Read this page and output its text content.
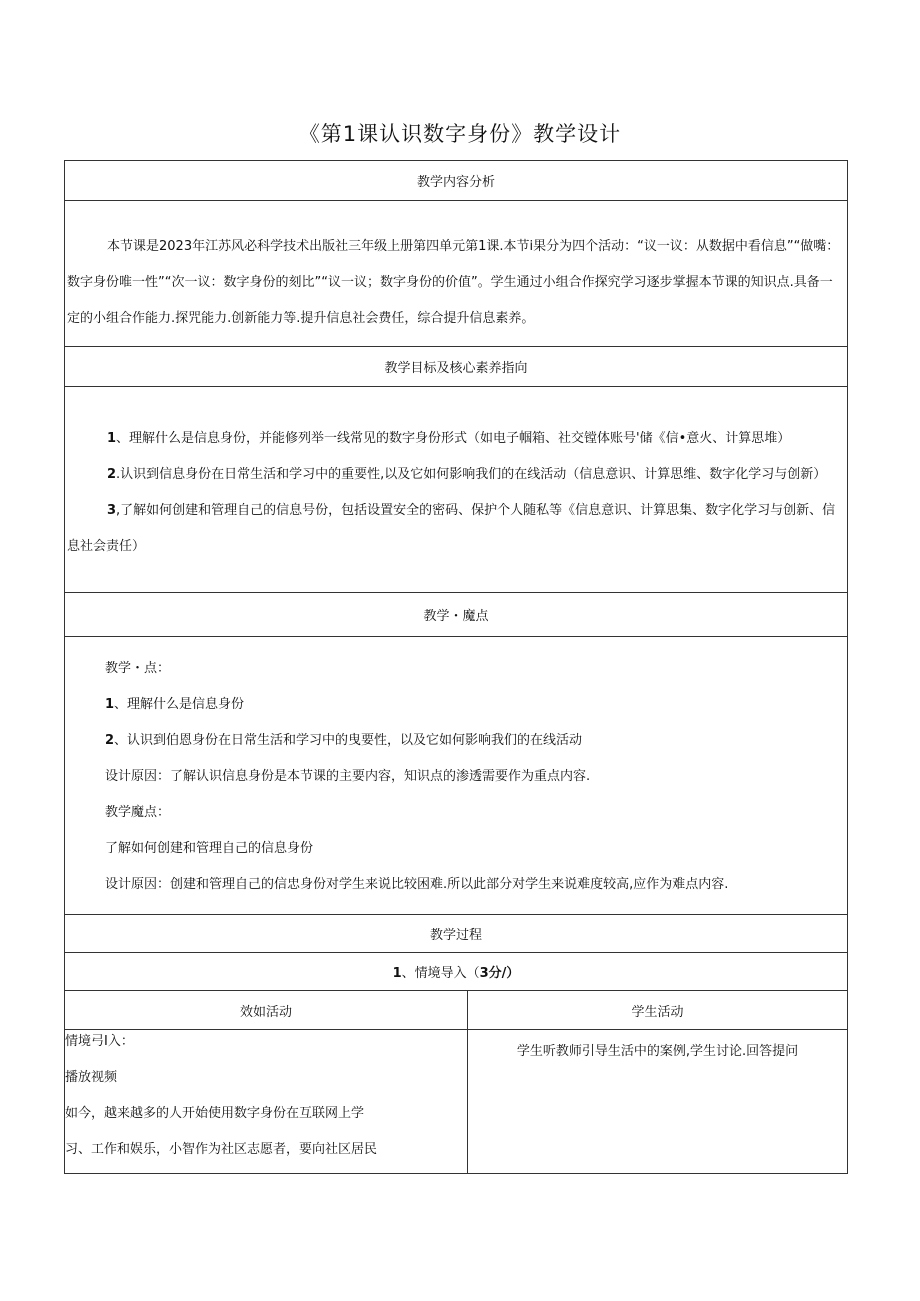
《第1课认识数字身份》教学设计
教学内容分析
本节课是2023年江苏风必科学技术出版社三年级上册第四单元第1课.本节i果分为四个活动：“议一议：从数据中看信息”“做嘴：数字身份唯一性”“次一议：数字身份的刻比”“议一议；数字身份的价值”。学生通过小组合作探究学习逐步掌握本节课的知识点.具备一定的小组合作能力.探咒能力.创新能力等.提升信息社会费任，综合提升信息素养。
教学目标及核心素养指向
1、理解什么是信息身份，并能修列举一线常见的数字身份形式（如电子帼箱、社交镗体账号'储《信•意火、计算思堆）
2.认识到信息身份在日常生活和学习中的重要性,以及它如何影响我们的在线活动（信息意识、计算思维、数字化学习与创新）
3,了解如何创建和管理自己的信息号份，包括设置安全的密码、保护个人随私等《信息意识、计算思集、数字化学习与创新、信息社会责任）
教学・魔点
教学・点：
1、理解什么是信息身份
2、认识到伯恩身份在日常生活和学习中的曳要性，以及它如何影响我们的在线活动
设计原因：了解认识信息身份是本节课的主要内容，知识点的渗透需要作为重点内容.
教学魔点：
了解如何创建和管理自己的信息身份
设计原因：创建和管理自己的信忠身份对学生来说比较困难.所以此部分对学生来说难度较高,应作为难点内容.
教学过程
1、情境导入（3分/）
效如活动
情境弓I入：
播放视频
如今，越来越多的人开始使用数字身份在互联网上学
习、工作和娱乐，小智作为社区志愿者，要向社区居民
学生活动
学生听教师引导生活中的案例,学生讨论.回答提问
